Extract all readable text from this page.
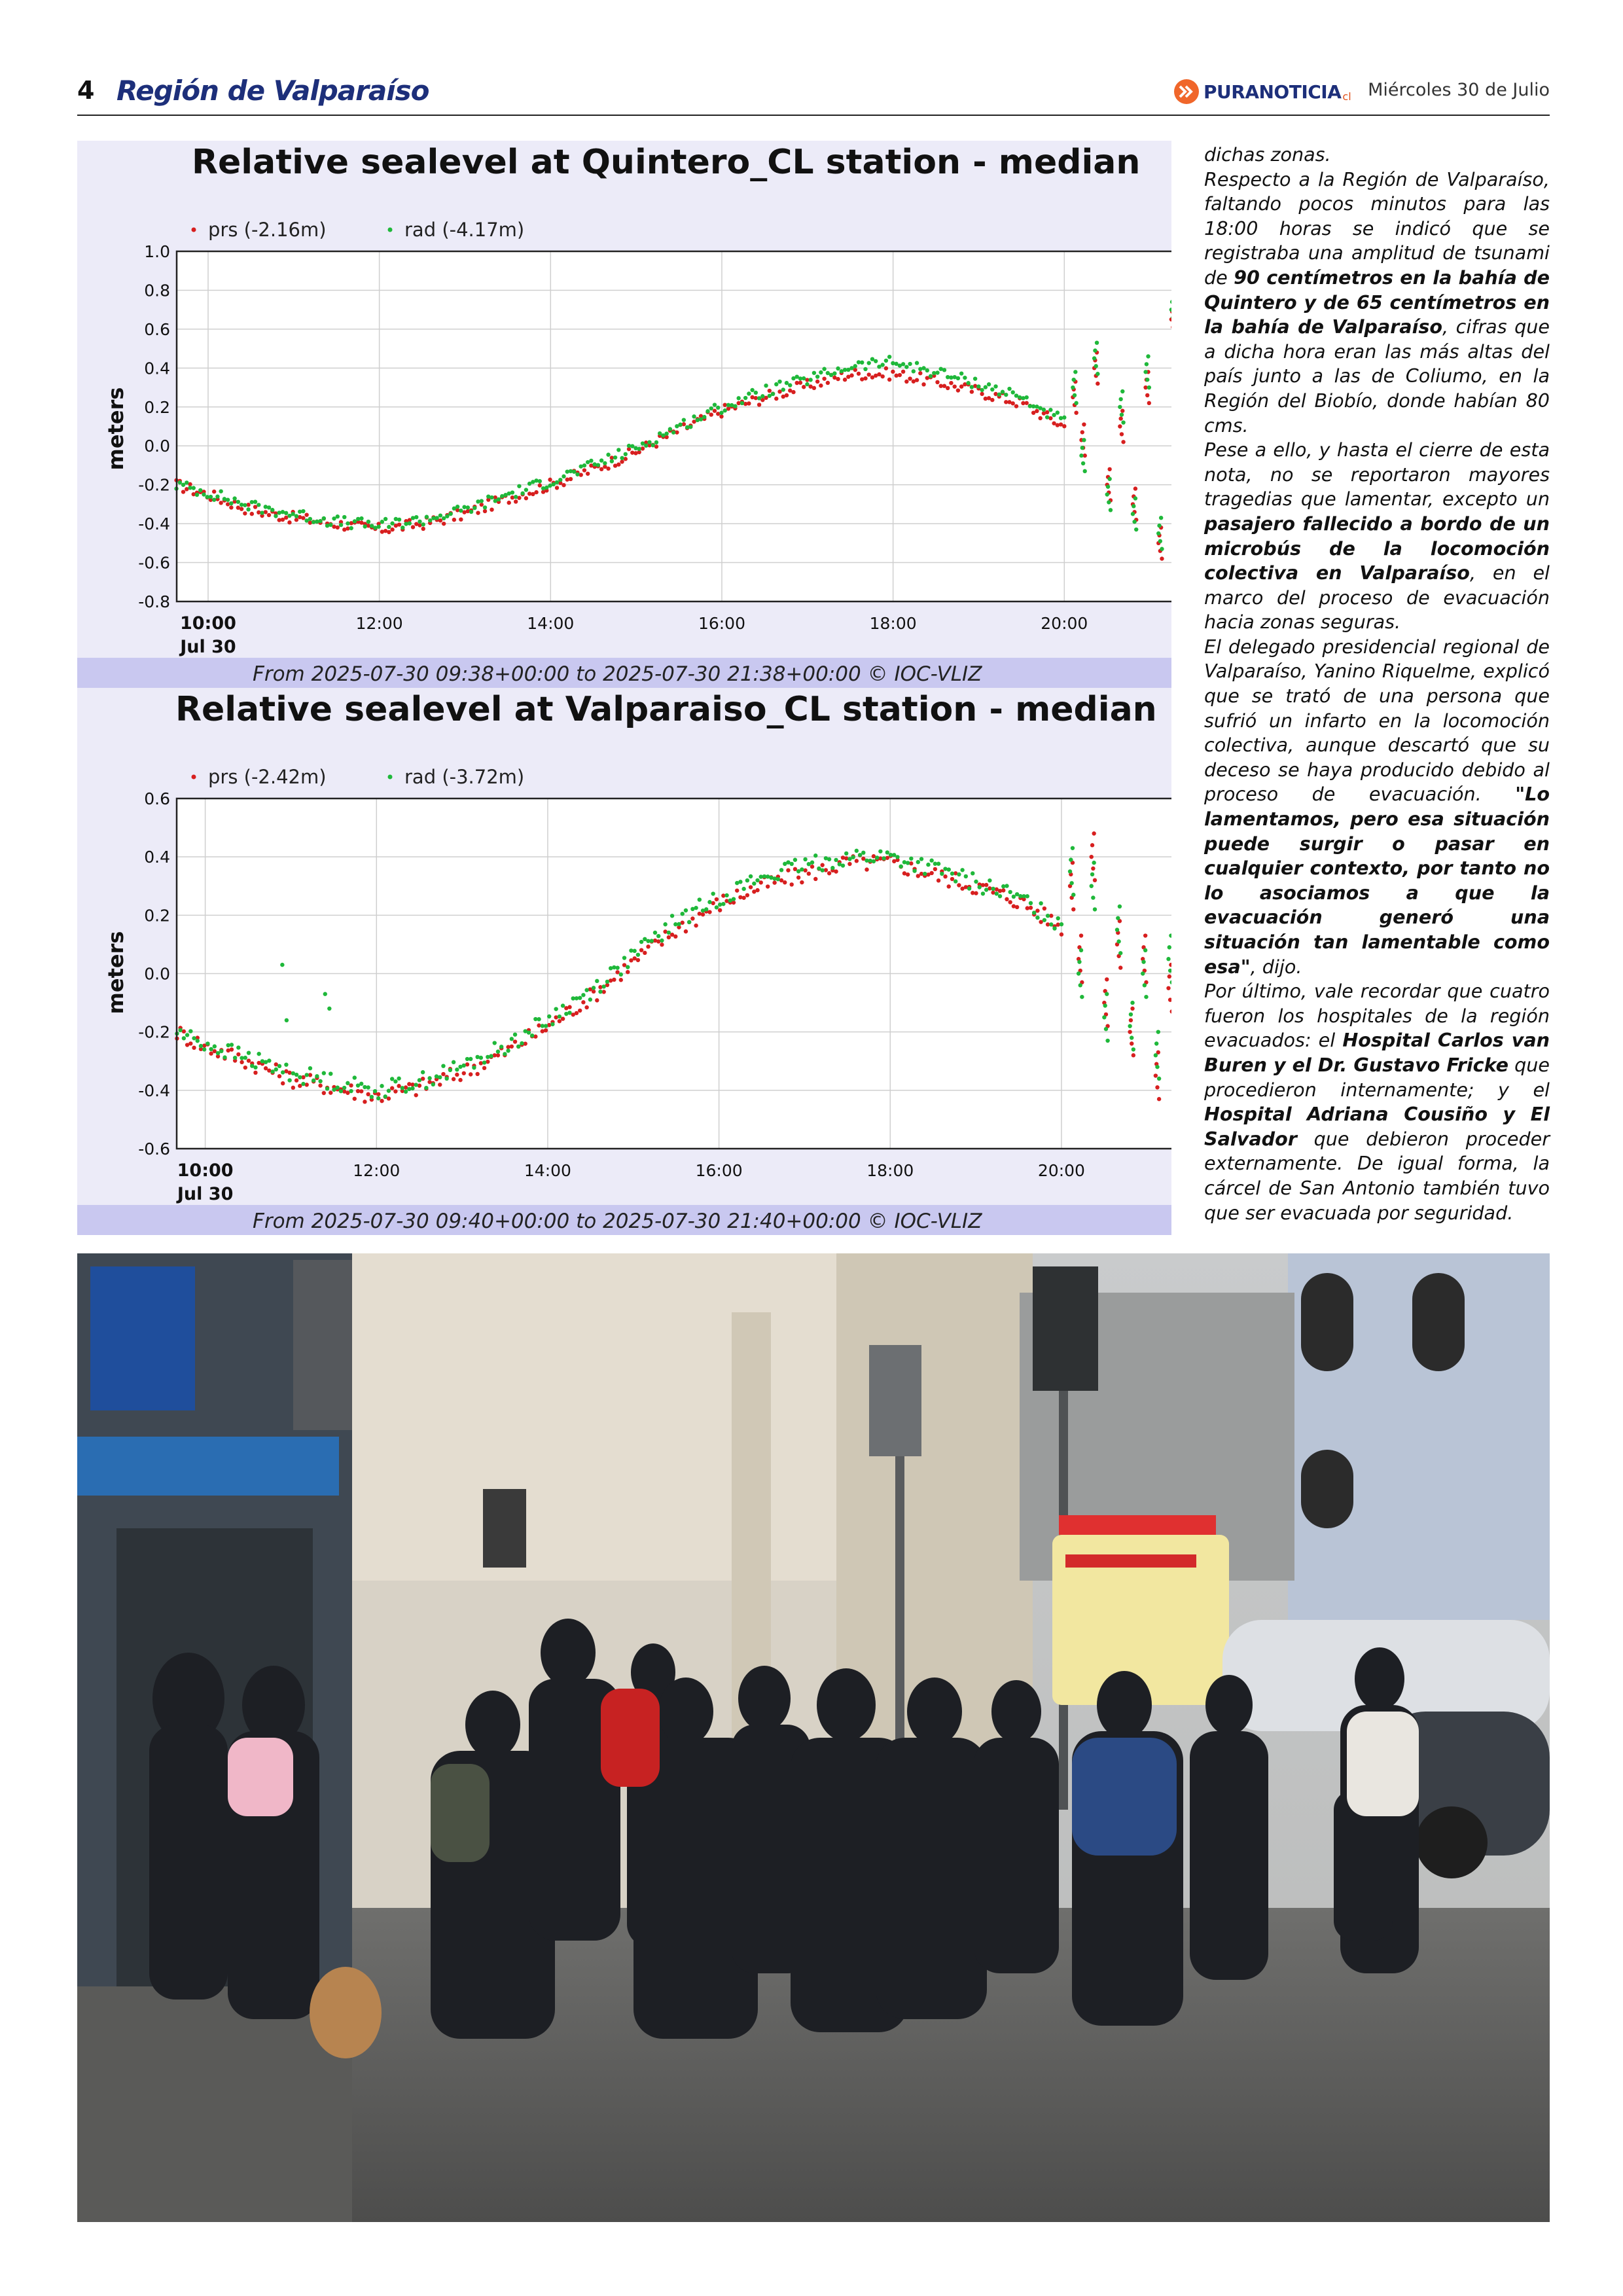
4 Región de Valparaíso	PURANOTICIA cl Miércoles 30 de Julio
Relative sealevel at Quintero_CL station - median
prs (-2.16m)	rad (-4.17m)
1.0
0.8
0.6
0.4
0.2
0.0
-0.2
-0.4
-0.6
-0.8
10:00	12:00	14:00	16:00	18:00	20:00
Jul 30
meters
From 2025-07-30 09:38+00:00 to 2025-07-30 21:38+00:00 © IOC-VLIZ
Relative sealevel at Valparaiso_CL station - median
prs (-2.42m)	rad (-3.72m)
0.6
0.4
0.2
0.0
-0.2
-0.4
-0.6
10:00	12:00	14:00	16:00	18:00	20:00
Jul 30
meters
From 2025-07-30 09:40+00:00 to 2025-07-30 21:40+00:00 © IOC-VLIZ

dichas zonas.

Respecto a la Región de Valparaíso, faltando pocos minutos para las 18:00 horas se indicó que se registraba una amplitud de tsunami de 90 centímetros en la bahía de Quintero y de 65 centímetros en la bahía de Valparaíso, cifras que a dicha hora eran las más altas del país junto a las de Coliumo, en la Región del Biobío, donde habían 80 cms.

Pese a ello, y hasta el cierre de esta nota, no se reportaron mayores tragedias que lamentar, excepto un pasajero fallecido a bordo de un microbús de la locomoción colectiva en Valparaíso, en el marco del proceso de evacuación hacia zonas seguras.

El delegado presidencial regional de Valparaíso, Yanino Riquelme, explicó que se trató de una persona que sufrió un infarto en la locomoción colectiva, aunque descartó que su deceso se haya producido debido al proceso de evacuación. "Lo lamentamos, pero esa situación puede surgir o pasar en cualquier contexto, por tanto no lo asociamos a que la evacuación generó una situación tan lamentable como esa", dijo.

Por último, vale recordar que cuatro fueron los hospitales de la región evacuados: el Hospital Carlos van Buren y el Dr. Gustavo Fricke que procedieron internamente; y el Hospital Adriana Cousiño y El Salvador que debieron proceder externamente. De igual forma, la cárcel de San Antonio también tuvo que ser evacuada por seguridad.
